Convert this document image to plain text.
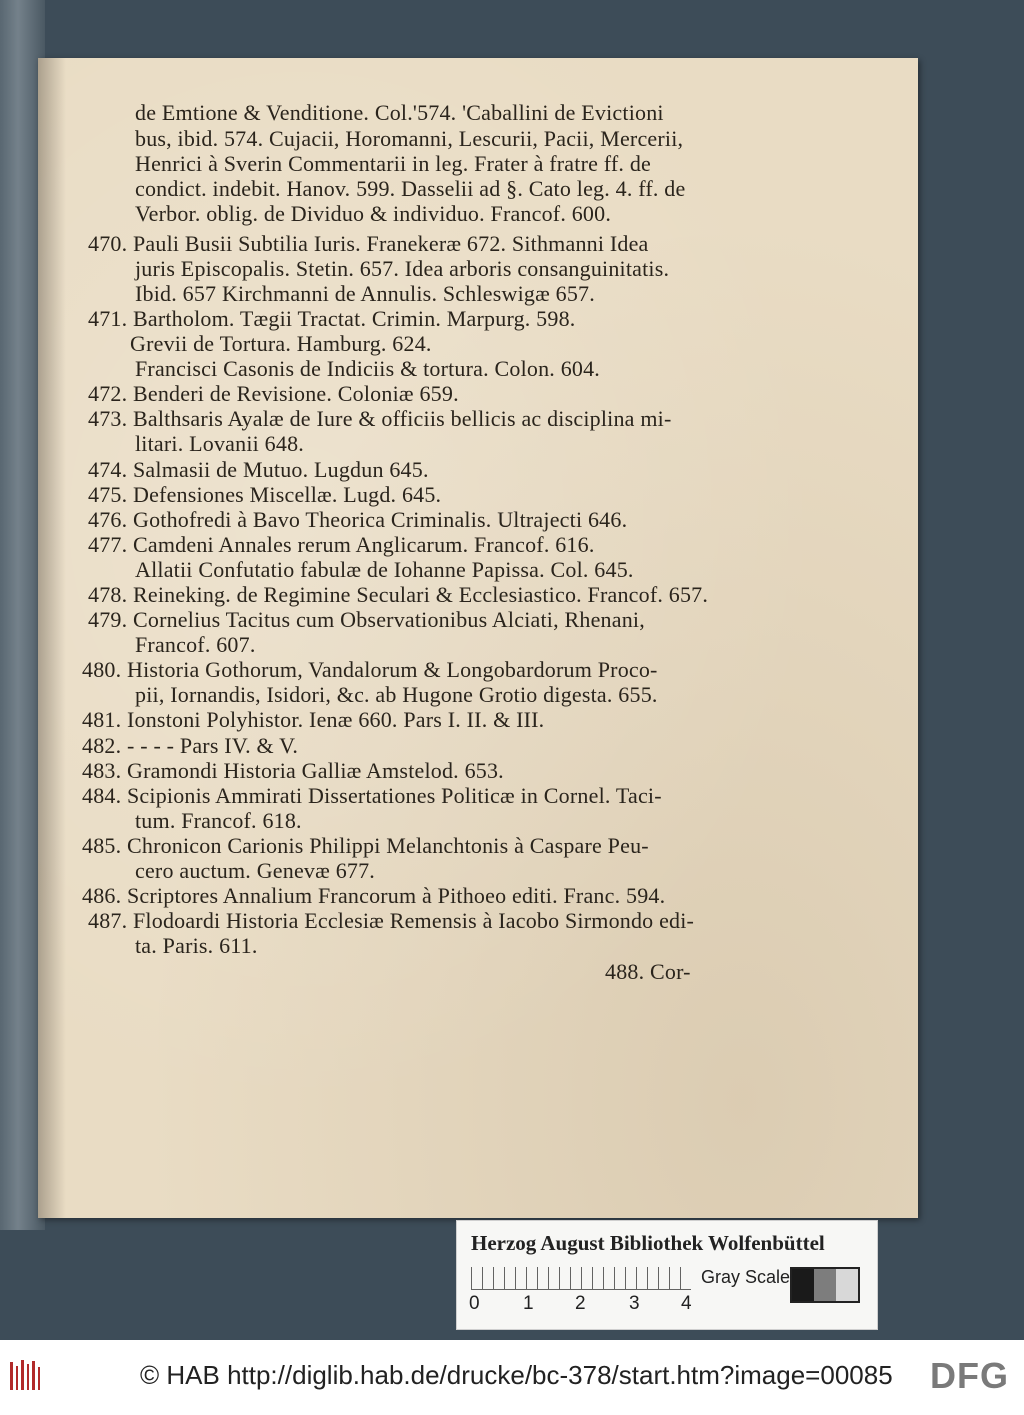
de Emtione & Venditione. Col.'574. 'Caballini de Evictioni
bus, ibid. 574. Cujacii, Horomanni, Lescurii, Pacii, Mercerii,
Henrici à Sverin Commentarii in leg. Frater à fratre ff. de
condict. indebit. Hanov. 599. Dasselii ad §. Cato leg. 4. ff. de
Verbor. oblig. de Dividuo & individuo. Francof. 600.
470. Pauli Busii Subtilia Iuris. Franekeræ 672. Sithmanni Idea
juris Episcopalis. Stetin. 657. Idea arboris consanguinitatis.
Ibid. 657 Kirchmanni de Annulis. Schleswigæ 657.
471. Bartholom. Tægii Tractat. Crimin. Marpurg. 598.
Grevii de Tortura. Hamburg. 624.
Francisci Casonis de Indiciis & tortura. Colon. 604.
472. Benderi de Revisione. Coloniæ 659.
473. Balthsaris Ayalæ de Iure & officiis bellicis ac disciplina mi-
litari. Lovanii 648.
474. Salmasii de Mutuo. Lugdun 645.
475. Defensiones Miscellæ. Lugd. 645.
476. Gothofredi à Bavo Theorica Criminalis. Ultrajecti 646.
477. Camdeni Annales rerum Anglicarum. Francof. 616.
Allatii Confutatio fabulæ de Iohanne Papissa. Col. 645.
478. Reineking. de Regimine Seculari & Ecclesiastico. Francof. 657.
479. Cornelius Tacitus cum Observationibus Alciati, Rhenani,
Francof. 607.
480. Historia Gothorum, Vandalorum & Longobardorum Proco-
pii, Iornandis, Isidori, &c. ab Hugone Grotio digesta. 655.
481. Ionstoni Polyhistor. Ienæ 660. Pars I. II. & III.
482. - - - - Pars IV. & V.
483. Gramondi Historia Galliæ Amstelod. 653.
484. Scipionis Ammirati Dissertationes Politicæ in Cornel. Taci-
tum. Francof. 618.
485. Chronicon Carionis Philippi Melanchtonis à Caspare Peu-
cero auctum. Genevæ 677.
486. Scriptores Annalium Francorum à Pithoeo editi. Franc. 594.
487. Flodoardi Historia Ecclesiæ Remensis à Iacobo Sirmondo edi-
ta. Paris. 611.
488. Cor-
Herzog August Bibliothek Wolfenbüttel
0 1 2 3 4
Gray Scale
© HAB http://diglib.hab.de/drucke/bc-378/start.htm?image=00085 DFG
